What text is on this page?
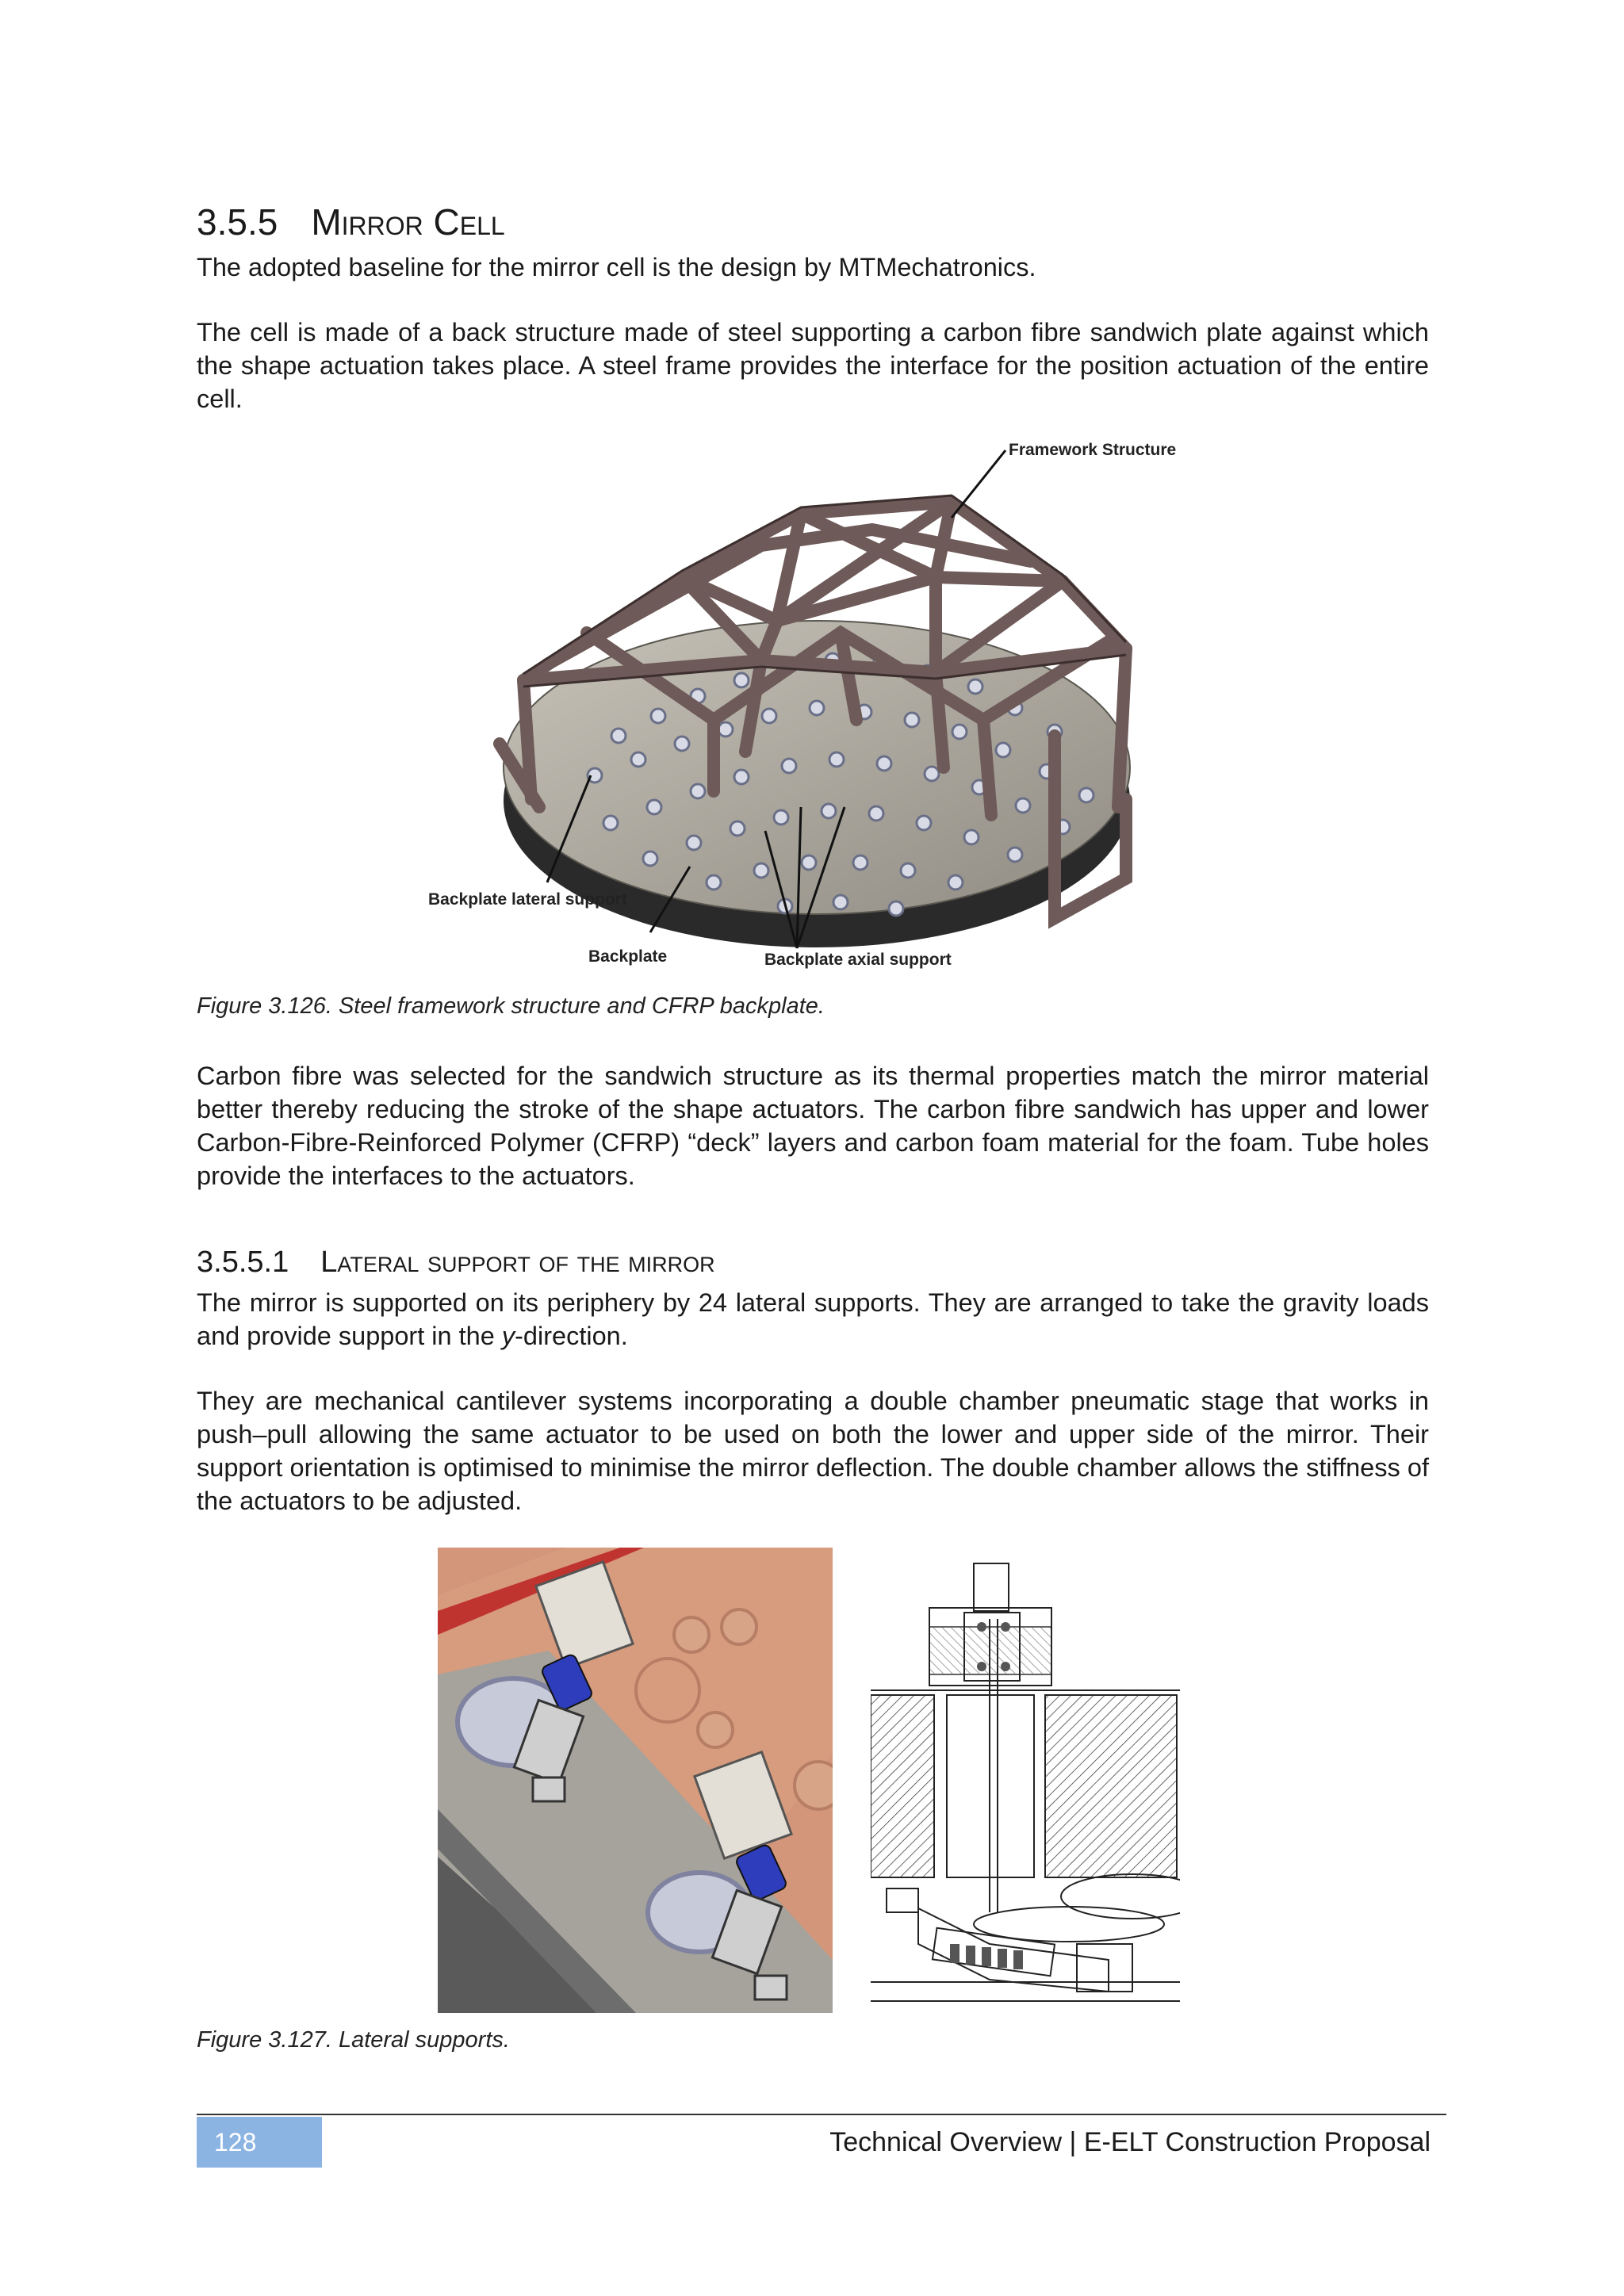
3.5.5 Mirror Cell

The adopted baseline for the mirror cell is the design by MTMechatronics.

The cell is made of a back structure made of steel supporting a carbon fibre sandwich plate against which the shape actuation takes place. A steel frame provides the interface for the position actuation of the entire cell.

Framework Structure
Backplate lateral support
Backplate	Backplate axial support

Figure 3.126. Steel framework structure and CFRP backplate.

Carbon fibre was selected for the sandwich structure as its thermal properties match the mirror material better thereby reducing the stroke of the shape actuators. The carbon fibre sandwich has upper and lower Carbon-Fibre-Reinforced Polymer (CFRP) “deck” layers and carbon foam material for the foam. Tube holes provide the interfaces to the actuators.

3.5.5.1 Lateral support of the mirror

The mirror is supported on its periphery by 24 lateral supports. They are arranged to take the gravity loads and provide support in the y-direction.

They are mechanical cantilever systems incorporating a double chamber pneumatic stage that works in push–pull allowing the same actuator to be used on both the lower and upper side of the mirror. Their support orientation is optimised to minimise the mirror deflection. The double chamber allows the stiffness of the actuators to be adjusted.

Figure 3.127. Lateral supports.

128	Technical Overview | E-ELT Construction Proposal
